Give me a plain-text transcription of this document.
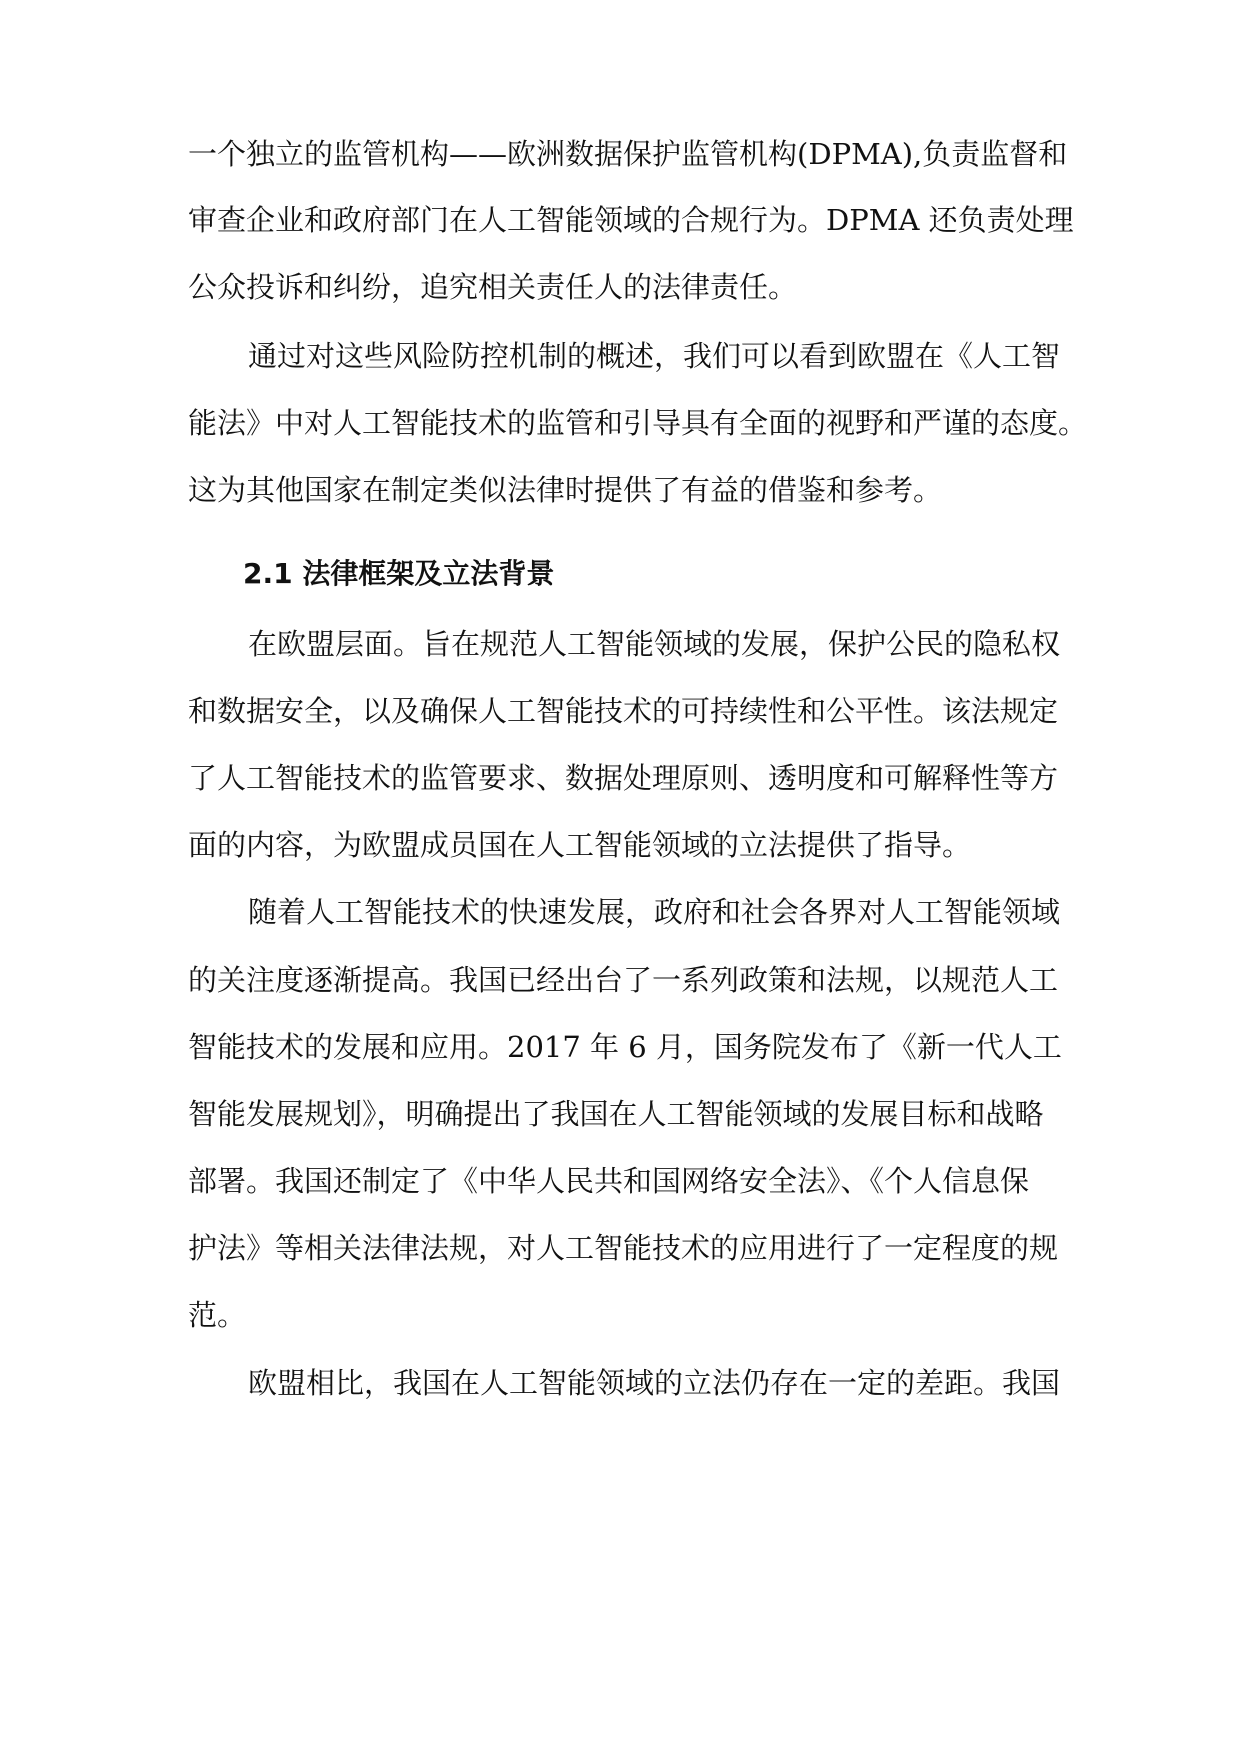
一个独立的监管机构——欧洲数据保护监管机构(DPMA),负责监督和

审查企业和政府部门在人工智能领域的合规行为。DPMA 还负责处理

公众投诉和纠纷，追究相关责任人的法律责任。

通过对这些风险防控机制的概述，我们可以看到欧盟在《人工智

能法》中对人工智能技术的监管和引导具有全面的视野和严谨的态度。

这为其他国家在制定类似法律时提供了有益的借鉴和参考。

2.1 法律框架及立法背景

在欧盟层面。旨在规范人工智能领域的发展，保护公民的隐私权

和数据安全，以及确保人工智能技术的可持续性和公平性。该法规定

了人工智能技术的监管要求、数据处理原则、透明度和可解释性等方

面的内容，为欧盟成员国在人工智能领域的立法提供了指导。

随着人工智能技术的快速发展，政府和社会各界对人工智能领域

的关注度逐渐提高。我国已经出台了一系列政策和法规，以规范人工

智能技术的发展和应用。2017 年 6 月，国务院发布了《新一代人工

智能发展规划》，明确提出了我国在人工智能领域的发展目标和战略

部署。我国还制定了《中华人民共和国网络安全法》、《个人信息保

护法》等相关法律法规，对人工智能技术的应用进行了一定程度的规

范。

欧盟相比，我国在人工智能领域的立法仍存在一定的差距。我国
